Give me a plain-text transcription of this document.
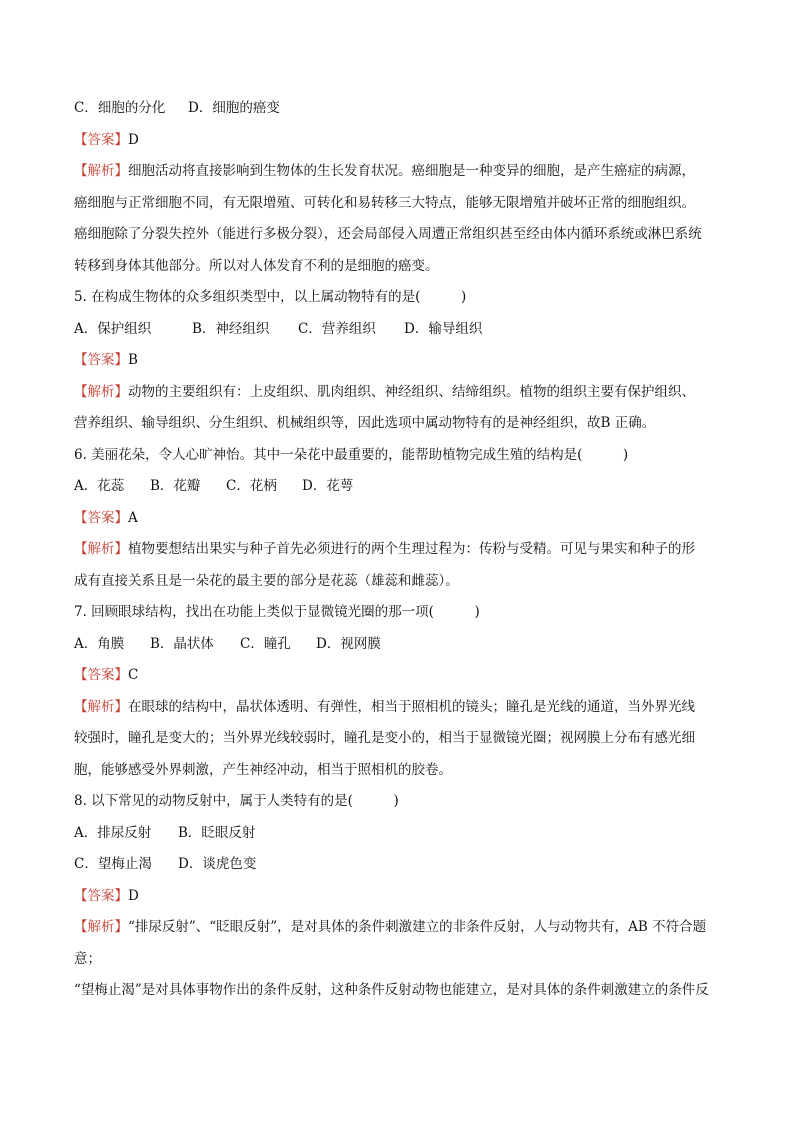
C．细胞的分化 D．细胞的癌变

【答案】D

【解析】细胞活动将直接影响到生物体的生长发育状况。癌细胞是一种变异的细胞，是产生癌症的病源，

癌细胞与正常细胞不同，有无限增殖、可转化和易转移三大特点，能够无限增殖并破坏正常的细胞组织。

癌细胞除了分裂失控外（能进行多极分裂），还会局部侵入周遭正常组织甚至经由体内循环系统或淋巴系统

转移到身体其他部分。所以对人体发育不利的是细胞的癌变。

5. 在构成生物体的众多组织类型中，以上属动物特有的是(　　　)

A．保护组织	B．神经组织 C．营养组织 D．输导组织

【答案】B

【解析】动物的主要组织有：上皮组织、肌肉组织、神经组织、结缔组织。植物的组织主要有保护组织、

营养组织、输导组织、分生组织、机械组织等，因此选项中属动物特有的是神经组织，故B 正确。

6. 美丽花朵，令人心旷神怡。其中一朵花中最重要的，能帮助植物完成生殖的结构是(　　　)

A．花蕊 B．花瓣 C．花柄 D．花萼

【答案】A

【解析】植物要想结出果实与种子首先必须进行的两个生理过程为：传粉与受精。可见与果实和种子的形

成有直接关系且是一朵花的最主要的部分是花蕊（雄蕊和雌蕊）。

7. 回顾眼球结构，找出在功能上类似于显微镜光圈的那一项(　　　)

A．角膜 B．晶状体 C．瞳孔 D．视网膜

【答案】C

【解析】在眼球的结构中，晶状体透明、有弹性，相当于照相机的镜头；瞳孔是光线的通道，当外界光线

较强时，瞳孔是变大的；当外界光线较弱时，瞳孔是变小的，相当于显微镜光圈；视网膜上分布有感光细

胞，能够感受外界刺激，产生神经冲动，相当于照相机的胶卷。

8. 以下常见的动物反射中，属于人类特有的是(　　　)

A．排尿反射 B．眨眼反射

C．望梅止渴 D．谈虎色变

【答案】D

【解析】“排尿反射”、“眨眼反射”，是对具体的条件刺激建立的非条件反射，人与动物共有，AB 不符合题

意；

“望梅止渴”是对具体事物作出的条件反射，这种条件反射动物也能建立，是对具体的条件刺激建立的条件反
